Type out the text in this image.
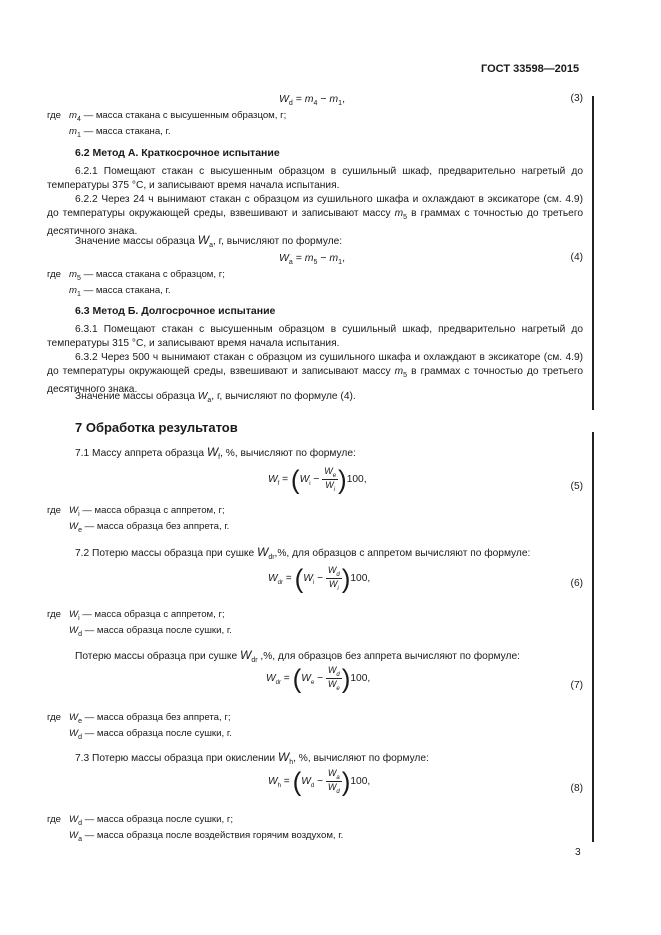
ГОСТ 33598—2015
$W_d = m_4 - m_1$,	(3)
где $m_4$ — масса стакана с высушенным образцом, г;
$m_1$ — масса стакана, г.
6.2 Метод А. Краткосрочное испытание
6.2.1 Помещают стакан с высушенным образцом в сушильный шкаф, предварительно нагретый до температуры 375 °С, и записывают время начала испытания.
6.2.2 Через 24 ч вынимают стакан с образцом из сушильного шкафа и охлаждают в эксикаторе (см. 4.9) до температуры окружающей среды, взвешивают и записывают массу $m_5$ в граммах с точностью до третьего десятичного знака.
Значение массы образца $W_a$, г, вычисляют по формуле:
$W_a = m_5 - m_1$,	(4)
где $m_5$ — масса стакана с образцом, г;
$m_1$ — масса стакана, г.
6.3 Метод Б. Долгосрочное испытание
6.3.1 Помещают стакан с высушенным образцом в сушильный шкаф, предварительно нагретый до температуры 315 °С, и записывают время начала испытания.
6.3.2 Через 500 ч вынимают стакан с образцом из сушильного шкафа и охлаждают в эксикаторе (см. 4.9) до температуры окружающей среды, взвешивают и записывают массу $m_5$ в граммах с точностью до третьего десятичного знака.
Значение массы образца $W_a$, г, вычисляют по формуле (4).
7 Обработка результатов
7.1 Массу аппрета образца $W_f$, %, вычисляют по формуле:
$W_f = (W_i - \frac{W_e}{W_i} )100$,
(5)
где $W_i$ — масса образца с аппретом, г;
$W_e$ — масса образца без аппрета, г.
7.2 Потерю массы образца при сушке $W_{dr},\%$, для образцов с аппретом вычисляют по формуле:
$W_{dr} = (W_i - \frac{W_d}{W_i} )100$,	(6)
где $W_i$ — масса образца с аппретом, г;
$W_d$ — масса образца после сушки, г.
Потерю массы образца при сушке $W_{dr}$ ,%, для образцов без аппрета вычисляют по формуле:
$W_{dr} = (W_e - \frac{W_d}{W_e} )100$,
(7)
где $W_e$ — масса образца без аппрета, г;
$W_d$ — масса образца после сушки, г.
7.3 Потерю массы образца при окислении $W_h$, %, вычисляют по формуле:
$W_h = (W_d - \frac{W_a}{W_d} )100$,
(8)
где $W_d$ — масса образца после сушки, г;
$W_a$ — масса образца после воздействия горячим воздухом, г.
3
